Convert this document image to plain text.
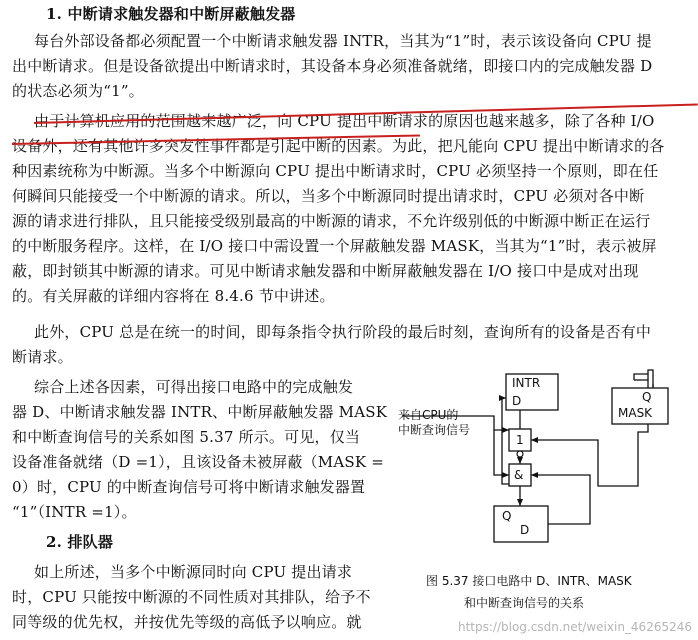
1. 中断请求触发器和中断屏蔽触发器
每台外部设备都必须配置一个中断请求触发器 INTR，当其为“1”时，表示该设备向 CPU 提
出中断请求。但是设备欲提出中断请求时，其设备本身必须准备就绪，即接口内的完成触发器 D
的状态必须为“1”。
由于计算机应用的范围越来越广泛，向 CPU 提出中断请求的原因也越来越多，除了各种 I/O
设备外，还有其他许多突发性事件都是引起中断的因素。为此，把凡能向 CPU 提出中断请求的各
种因素统称为中断源。当多个中断源向 CPU 提出中断请求时，CPU 必须坚持一个原则，即在任
何瞬间只能接受一个中断源的请求。所以，当多个中断源同时提出请求时，CPU 必须对各中断
源的请求进行排队，且只能接受级别最高的中断源的请求，不允许级别低的中断源中断正在运行
的中断服务程序。这样，在 I/O 接口中需设置一个屏蔽触发器 MASK，当其为“1”时，表示被屏
蔽，即封锁其中断源的请求。可见中断请求触发器和中断屏蔽触发器在 I/O 接口中是成对出现
的。有关屏蔽的详细内容将在 8.4.6 节中讲述。
此外，CPU 总是在统一的时间，即每条指令执行阶段的最后时刻，查询所有的设备是否有中
断请求。
综合上述各因素，可得出接口电路中的完成触发
器 D、中断请求触发器 INTR、中断屏蔽触发器 MASK
和中断查询信号的关系如图 5.37 所示。可见，仅当
设备准备就绪（D =1），且该设备未被屏蔽（MASK =
0）时，CPU 的中断查询信号可将中断请求触发器置
“1”（INTR =1）。
2. 排队器
如上所述，当多个中断源同时向 CPU 提出请求
时，CPU 只能按中断源的不同性质对其排队，给予不
同等级的优先权，并按优先等级的高低予以响应。就
INTR
D	Q
MASK
来自CPU的
中断查询信号
1
&
Q
D
图 5.37 接口电路中 D、INTR、MASK
和中断查询信号的关系
https://blog.csdn.net/weixin_46265246
